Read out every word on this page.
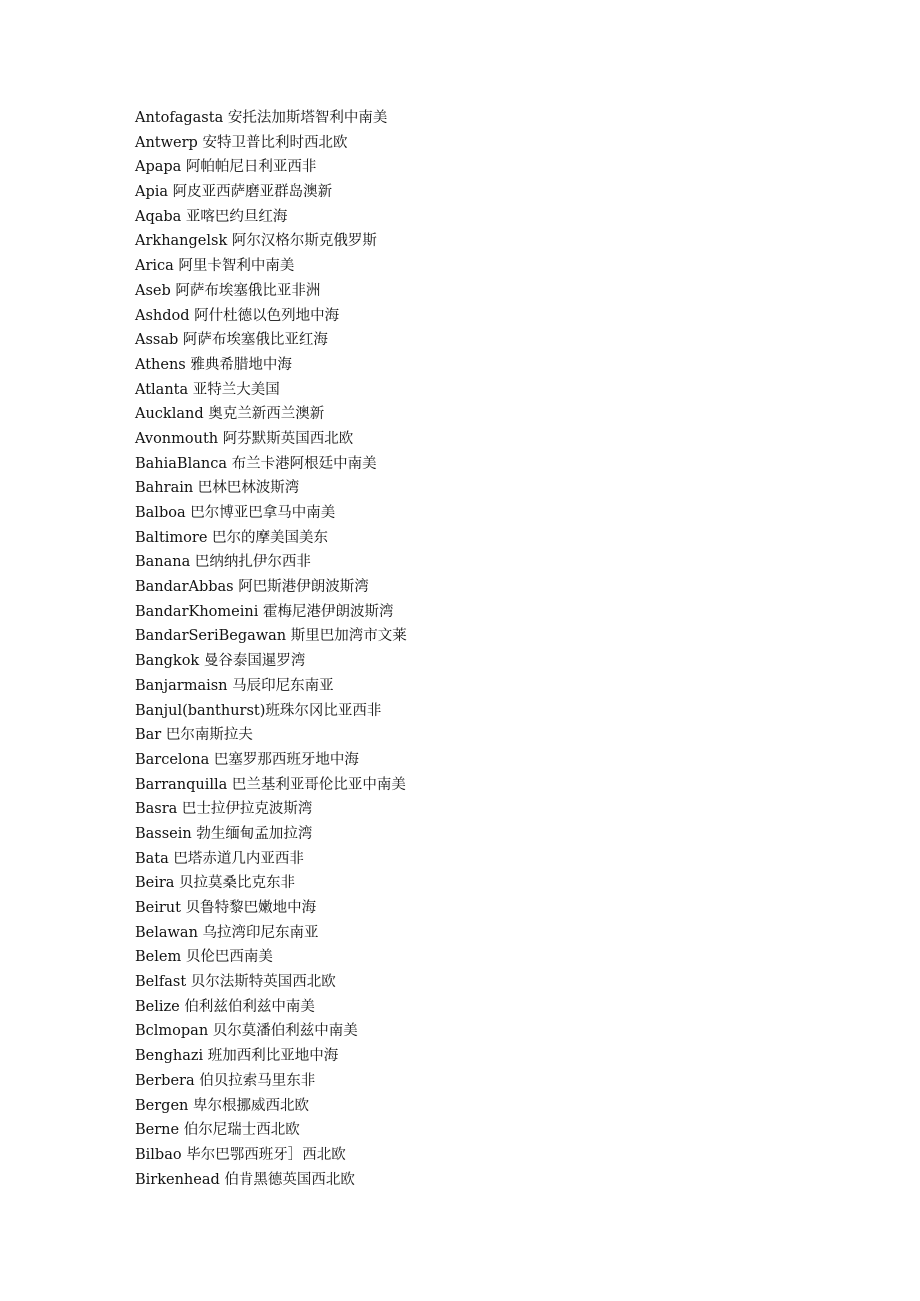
Antofagasta 安托法加斯塔智利中南美
Antwerp 安特卫普比利时西北欧
Apapa 阿帕帕尼日利亚西非
Apia 阿皮亚西萨磨亚群岛澳新
Aqaba 亚喀巴约旦红海
Arkhangelsk 阿尔汉格尔斯克俄罗斯
Arica 阿里卡智利中南美
Aseb 阿萨布埃塞俄比亚非洲
Ashdod 阿什杜德以色列地中海
Assab 阿萨布埃塞俄比亚红海
Athens 雅典希腊地中海
Atlanta 亚特兰大美国
Auckland 奥克兰新西兰澳新
Avonmouth 阿芬默斯英国西北欧
BahiaBlanca 布兰卡港阿根廷中南美
Bahrain 巴林巴林波斯湾
Balboa 巴尔博亚巴拿马中南美
Baltimore 巴尔的摩美国美东
Banana 巴纳纳扎伊尔西非
BandarAbbas 阿巴斯港伊朗波斯湾
BandarKhomeini 霍梅尼港伊朗波斯湾
BandarSeriBegawan 斯里巴加湾市文莱
Bangkok 曼谷泰国暹罗湾
Banjarmaisn 马辰印尼东南亚
Banjul(banthurst)班珠尔冈比亚西非
Bar 巴尔南斯拉夫
Barcelona 巴塞罗那西班牙地中海
Barranquilla 巴兰基利亚哥伦比亚中南美
Basra 巴士拉伊拉克波斯湾
Bassein 勃生缅甸孟加拉湾
Bata 巴塔赤道几内亚西非
Beira 贝拉莫桑比克东非
Beirut 贝鲁特黎巴嫩地中海
Belawan 乌拉湾印尼东南亚
Belem 贝伦巴西南美
Belfast 贝尔法斯特英国西北欧
Belize 伯利兹伯利兹中南美
Bclmopan 贝尔莫潘伯利兹中南美
Benghazi 班加西利比亚地中海
Berbera 伯贝拉索马里东非
Bergen 卑尔根挪威西北欧
Berne 伯尔尼瑞士西北欧
Bilbao 毕尔巴鄂西班牙］西北欧
Birkenhead 伯肯黑德英国西北欧
